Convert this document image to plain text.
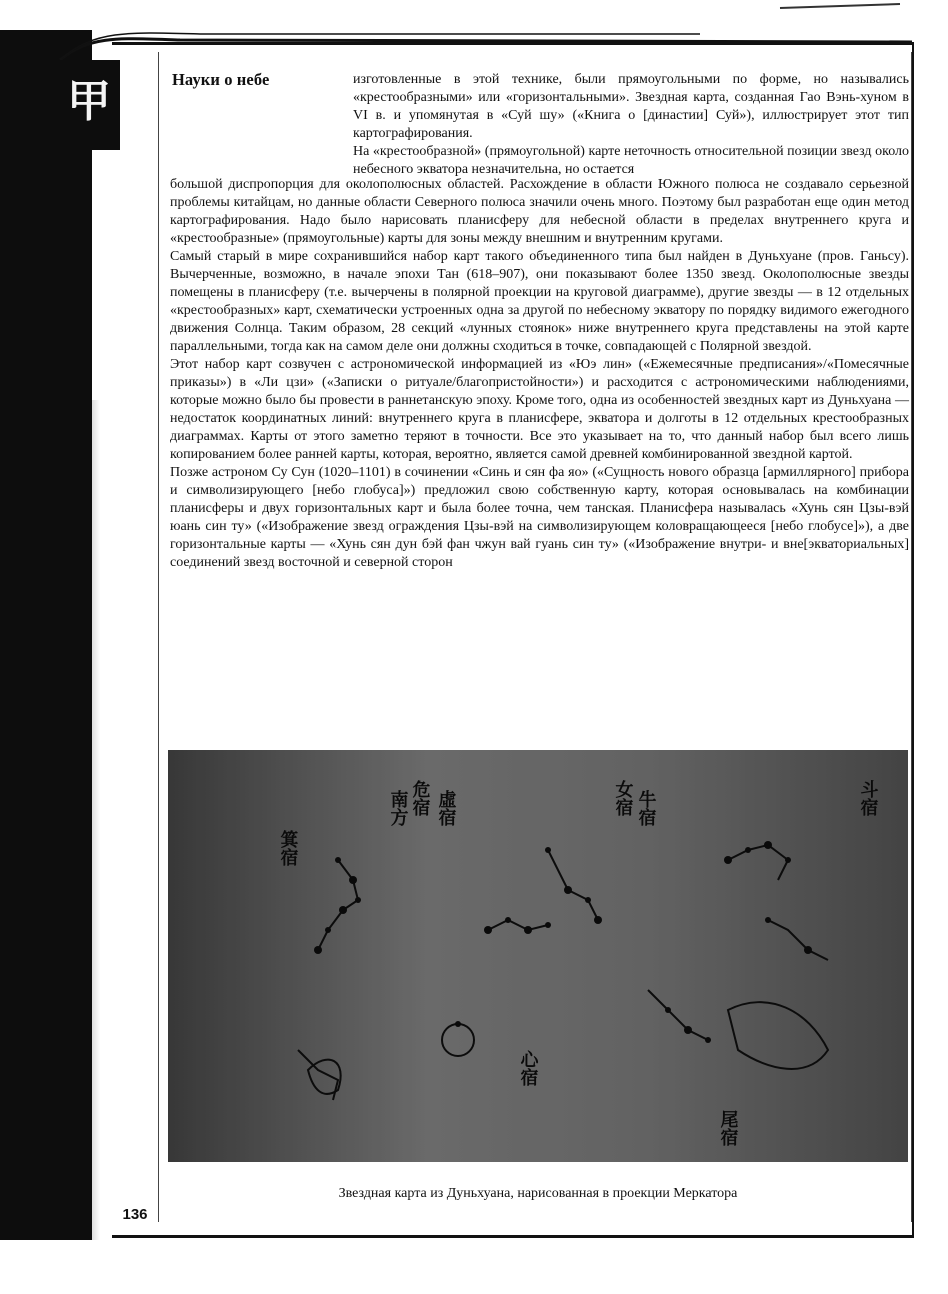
甲	Науки о небе	изготовленные в этой технике, были прямоугольными по форме, но назывались «крестообразными» или «горизонтальными». Звездная карта, созданная Гао Вэнь-хуном в VI в. и упомянутая в «Суй шу» («Книга о [династии] Суй»), иллюстрирует этот тип картографирования.

На «крестообразной» (прямоугольной) карте неточность относительной позиции звезд около небесного экватора незначительна, но остается

большой диспропорция для околополюсных областей. Расхождение в области Южного полюса не создавало серьезной проблемы китайцам, но данные области Северного полюса значили очень много. Поэтому был разработан еще один метод картографирования. Надо было нарисовать планисферу для небесной области в пределах внутреннего круга и «крестообразные» (прямоугольные) карты для зоны между внешним и внутренним кругами.

Самый старый в мире сохранившийся набор карт такого объединенного типа был найден в Дуньхуане (пров. Ганьсу). Вычерченные, возможно, в начале эпохи Тан (618–907), они показывают более 1350 звезд. Околополюсные звезды помещены в планисферу (т.е. вычерчены в полярной проекции на круговой диаграмме), другие звезды — в 12 отдельных «крестообразных» карт, схематически устроенных одна за другой по небесному экватору по порядку видимого ежегодного движения Солнца. Таким образом, 28 секций «лунных стоянок» ниже внутреннего круга представлены на этой карте параллельными, тогда как на самом деле они должны сходиться в точке, совпадающей с Полярной звездой.

Этот набор карт созвучен с астрономической информацией из «Юэ лин» («Ежемесячные предписания»/«Помесячные приказы») в «Ли цзи» («Записки о ритуале/благопристойности») и расходится с астрономическими наблюдениями, которые можно было бы провести в раннетанскую эпоху. Кроме того, одна из особенностей звездных карт из Дуньхуана — недостаток координатных линий: внутреннего круга в планисфере, экватора и долготы в 12 отдельных крестообразных диаграммах. Карты от этого заметно теряют в точности. Все это указывает на то, что данный набор был всего лишь копированием более ранней карты, которая, вероятно, является самой древней комбинированной звездной картой.

Позже астроном Су Сун (1020–1101) в сочинении «Синь и сян фа яо» («Сущность нового образца [армиллярного] прибора и символизирующего [небо глобуса]») предложил свою собственную карту, которая основывалась на комбинации планисферы и двух горизонтальных карт и была более точна, чем танская. Планисфера называлась «Хунь сян Цзы-вэй юань син ту» («Изображение звезд ограждения Цзы-вэй на символизирующем коловращающееся [небо глобусе]»), а две горизонтальные карты — «Хунь сян дун бэй фан чжун вай гуань син ту» («Изображение внутри- и вне[экваториальных] соединений звезд восточной и северной сторон

南方 危宿 虛宿	女宿 牛宿	斗宿
箕宿
尾宿
心宿
Звездная карта из Дуньхуана, нарисованная в проекции Меркатора
136
